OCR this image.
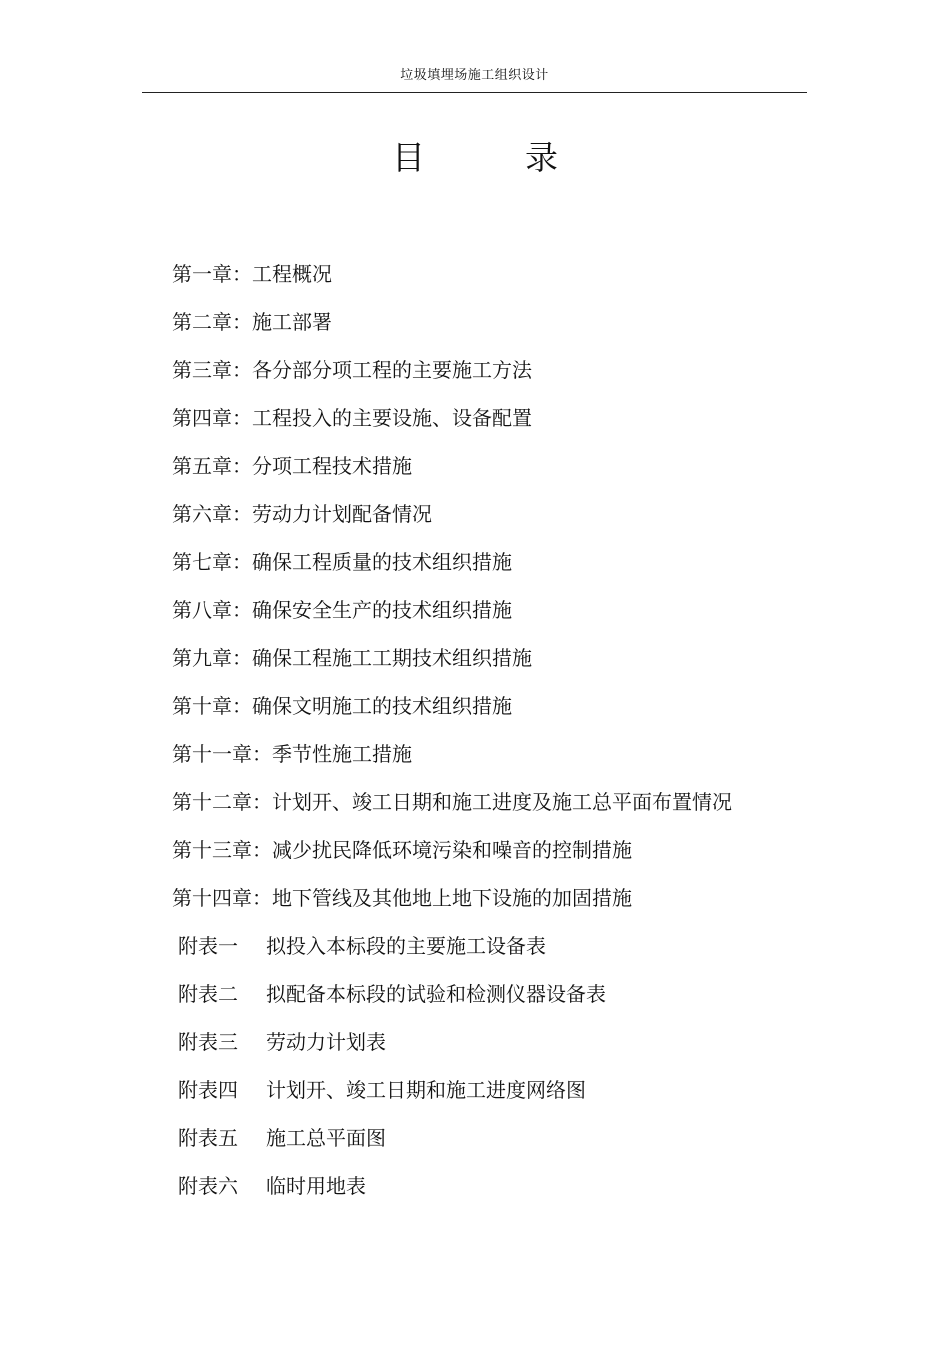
垃圾填埋场施工组织设计
目	录
第一章：工程概况
第二章：施工部署
第三章：各分部分项工程的主要施工方法
第四章：工程投入的主要设施、设备配置
第五章：分项工程技术措施
第六章：劳动力计划配备情况
第七章：确保工程质量的技术组织措施
第八章：确保安全生产的技术组织措施
第九章：确保工程施工工期技术组织措施
第十章：确保文明施工的技术组织措施
第十一章：季节性施工措施
第十二章：计划开、竣工日期和施工进度及施工总平面布置情况
第十三章：减少扰民降低环境污染和噪音的控制措施
第十四章：地下管线及其他地上地下设施的加固措施
附表一 拟投入本标段的主要施工设备表
附表二 拟配备本标段的试验和检测仪器设备表
附表三 劳动力计划表
附表四 计划开、竣工日期和施工进度网络图
附表五 施工总平面图
附表六 临时用地表
